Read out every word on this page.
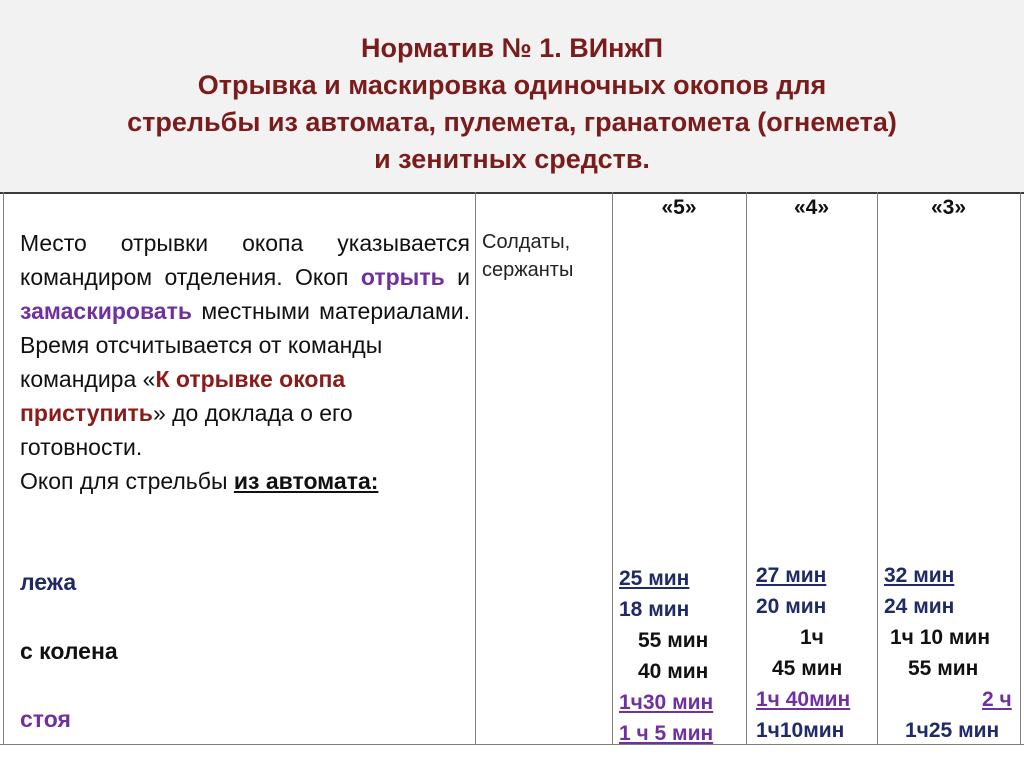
Норматив № 1. ВИнжП
Отрывка и маскировка одиночных окопов для
стрельбы из автомата, пулемета, гранатомета (огнемета)
и зенитных средств.

Место отрывки окопа указывается командиром отделения. Окоп отрыть и замаскировать местными материалами.

Время отсчитывается от команды командира «К отрывке окопа приступить» до доклада о его готовности.

Окоп для стрельбы из автомата:

лежа
с колена
стоя
Солдаты, сержанты
«5»	«4»	«3»
25 мин
18 мин
55 мин
40 мин
1ч30 мин
1 ч 5 мин
27 мин
20 мин
1ч
45 мин
1ч 40мин
1ч10мин
32 мин
24 мин
1ч 10 мин
55 мин
2 ч
1ч25 мин
